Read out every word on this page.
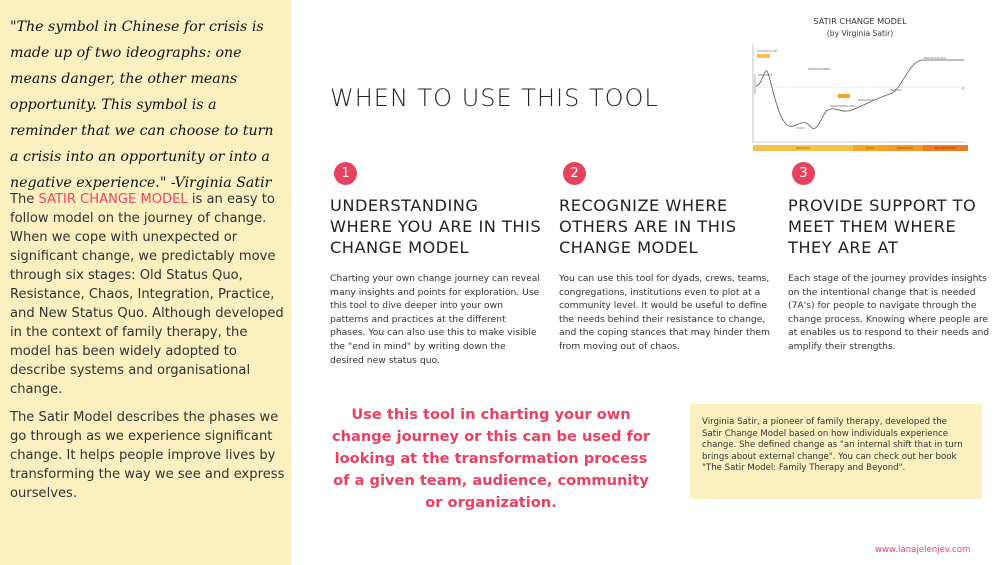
"The symbol in Chinese for crisis is made up of two ideographs: one means danger, the other means opportunity. This symbol is a reminder that we can choose to turn a crisis into an opportunity or into a negative experience." -Virginia Satir
The SATIR CHANGE MODEL is an easy to follow model on the journey of change. When we cope with unexpected or significant change, we predictably move through six stages: Old Status Quo, Resistance, Chaos, Integration, Practice, and New Status Quo. Although developed in the context of family therapy, the model has been widely adopted to describe systems and organisational change.
The Satir Model describes the phases we go through as we experience significant change. It helps people improve lives by transforming the way we see and express ourselves.
WHEN TO USE THIS TOOL
SATIR CHANGE MODEL
(by Virginia Satir)
PERFORMANCE
OLD STATUS QUO
FOREIGN ELEMENT
RESISTANCE
CHAOS
TRANSFORMING IDEA
INTEGRATION
PRACTICE
NEW STATUS QUO
SQ
RESISTANCE	CHAOS	INTEGRATION	NEW STATUS QUO
1
UNDERSTANDING WHERE YOU ARE IN THIS CHANGE MODEL
Charting your own change journey can reveal many insights and points for exploration. Use this tool to dive deeper into your own patterns and practices at the different phases. You can also use this to make visible the "end in mind" by writing down the desired new status quo.
2
RECOGNIZE WHERE OTHERS ARE IN THIS CHANGE MODEL
You can use this tool for dyads, crews, teams, congregations, institutions even to plot at a community level. It would be useful to define the needs behind their resistance to change, and the coping stances that may hinder them from moving out of chaos.
3
PROVIDE SUPPORT TO MEET THEM WHERE THEY ARE AT
Each stage of the journey provides insights on the intentional change that is needed (7A's) for people to navigate through the change process. Knowing where people are at enables us to respond to their needs and amplify their strengths.
Use this tool in charting your own change journey or this can be used for looking at the transformation process of a given team, audience, community or organization.

Virginia Satir, a pioneer of family therapy, developed the Satir Change Model based on how individuals experience change. She defined change as "an internal shift that in turn brings about external change". You can check out her book "The Satir Model: Family Therapy and Beyond".

www.lanajelenjev.com
